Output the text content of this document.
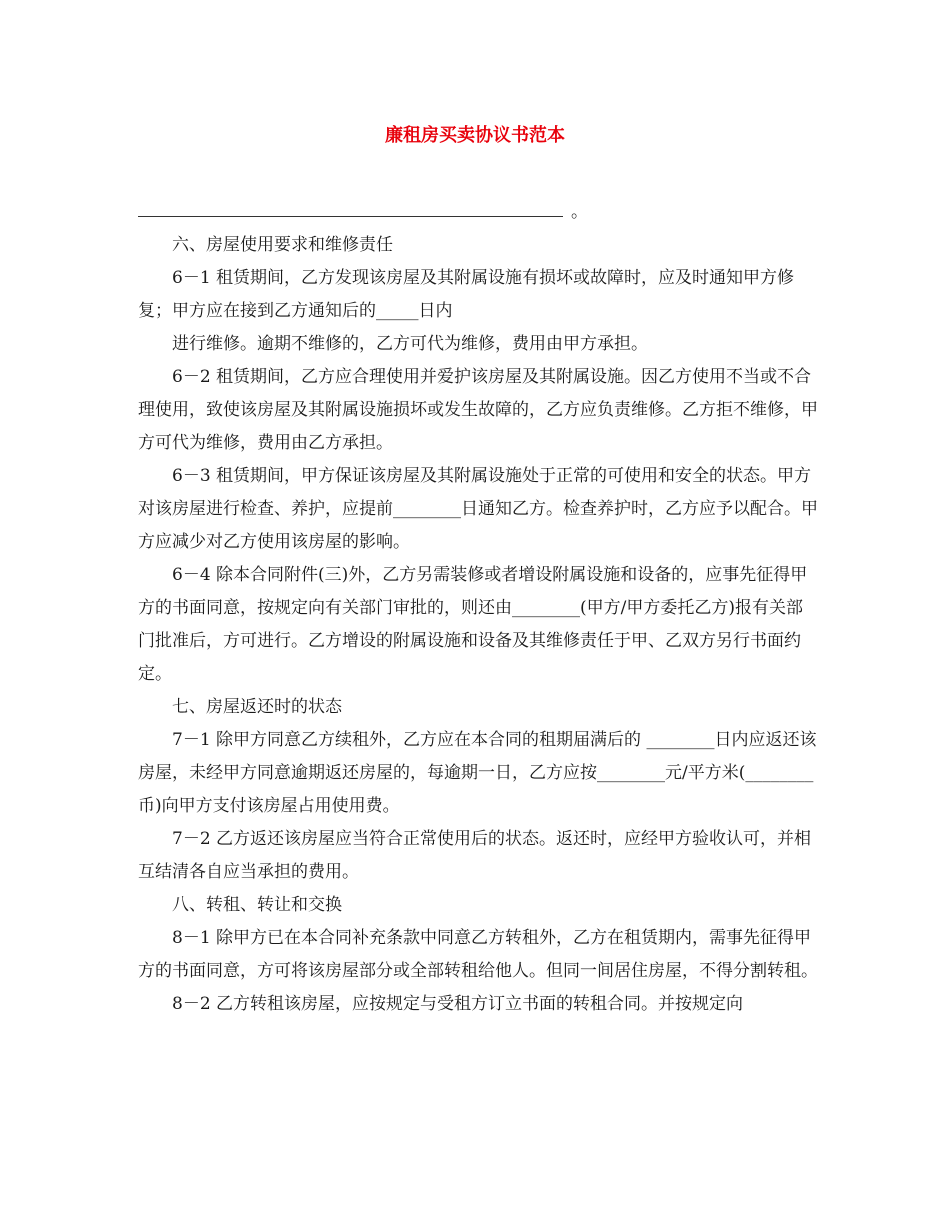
廉租房买卖协议书范本

。

六、房屋使用要求和维修责任

6－1 租赁期间，乙方发现该房屋及其附属设施有损坏或故障时，应及时通知甲方修复；甲方应在接到乙方通知后的_____日内

进行维修。逾期不维修的，乙方可代为维修，费用由甲方承担。

6－2 租赁期间，乙方应合理使用并爱护该房屋及其附属设施。因乙方使用不当或不合理使用，致使该房屋及其附属设施损坏或发生故障的，乙方应负责维修。乙方拒不维修，甲方可代为维修，费用由乙方承担。

6－3 租赁期间，甲方保证该房屋及其附属设施处于正常的可使用和安全的状态。甲方对该房屋进行检查、养护，应提前________日通知乙方。检查养护时，乙方应予以配合。甲方应减少对乙方使用该房屋的影响。

6－4 除本合同附件(三)外，乙方另需装修或者增设附属设施和设备的，应事先征得甲方的书面同意，按规定向有关部门审批的，则还由________(甲方/甲方委托乙方)报有关部门批准后，方可进行。乙方增设的附属设施和设备及其维修责任于甲、乙双方另行书面约定。

七、房屋返还时的状态

7－1 除甲方同意乙方续租外，乙方应在本合同的租期届满后的 ________日内应返还该房屋，未经甲方同意逾期返还房屋的，每逾期一日，乙方应按________元/平方米(________币)向甲方支付该房屋占用使用费。

7－2 乙方返还该房屋应当符合正常使用后的状态。返还时，应经甲方验收认可，并相互结清各自应当承担的费用。

八、转租、转让和交换

8－1 除甲方已在本合同补充条款中同意乙方转租外，乙方在租赁期内，需事先征得甲方的书面同意，方可将该房屋部分或全部转租给他人。但同一间居住房屋，不得分割转租。

8－2 乙方转租该房屋，应按规定与受租方订立书面的转租合同。并按规定向
